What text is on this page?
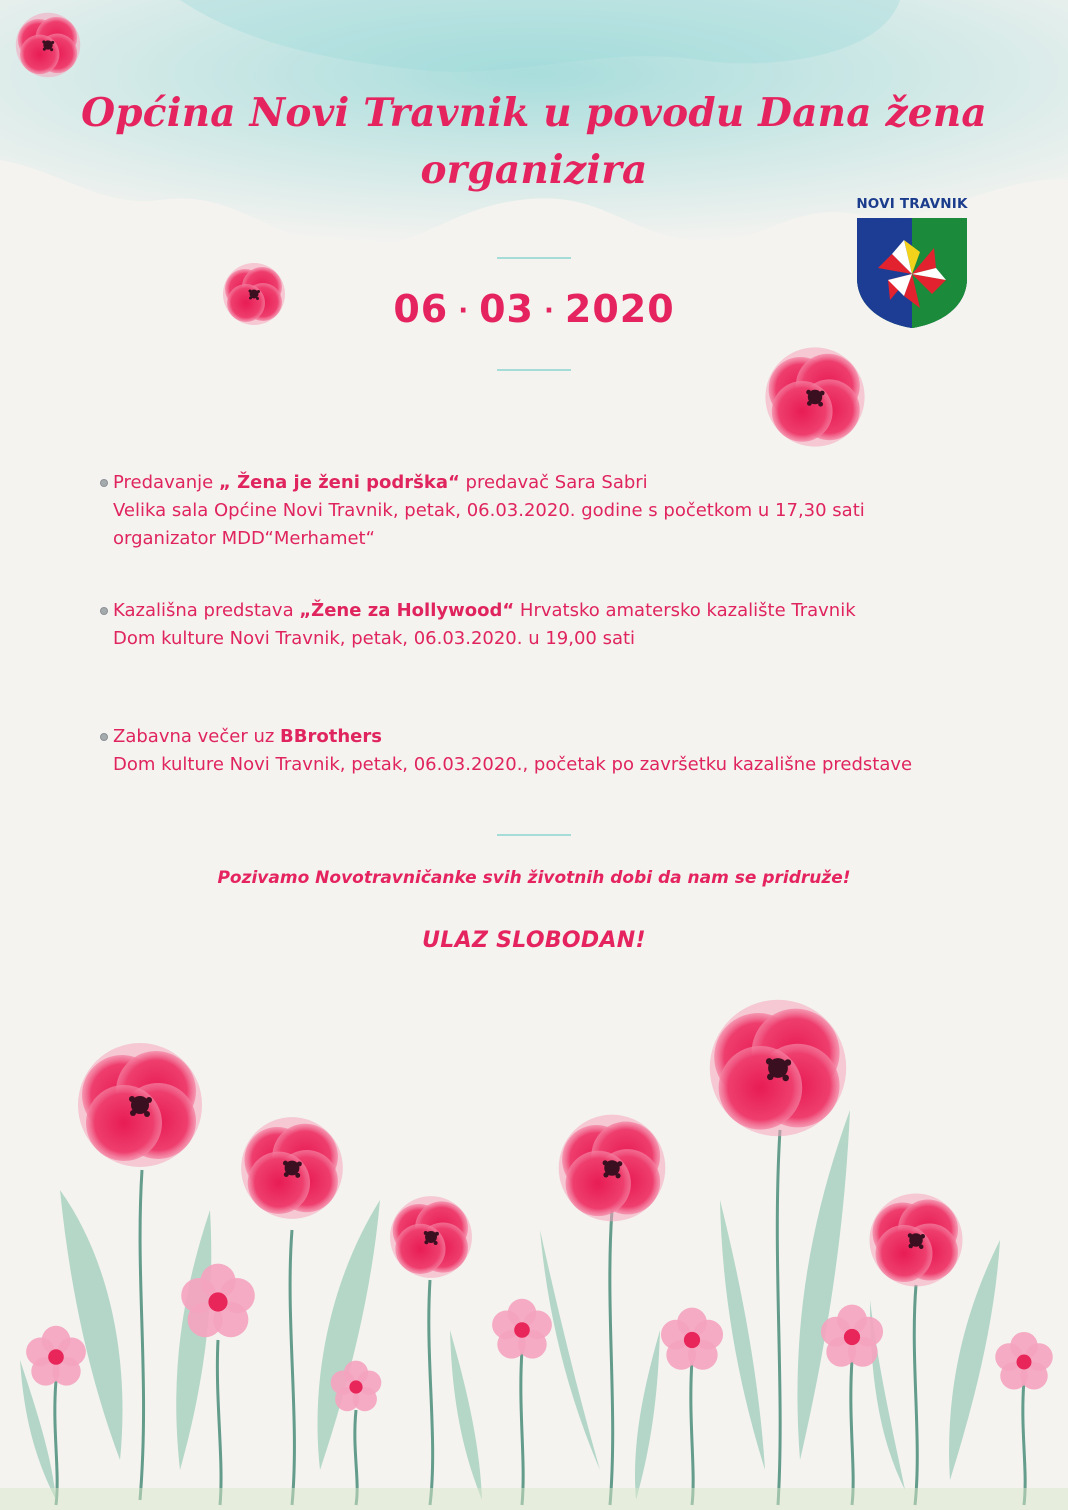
Općina Novi Travnik u povodu Dana žena
organizira
NOVI TRAVNIK
06 · 03 · 2020
Predavanje „ Žena je ženi podrška“ predavač Sara Sabri
Velika sala Općine Novi Travnik, petak, 06.03.2020. godine s početkom u 17,30 sati
organizator MDD“Merhamet“
Kazališna predstava „Žene za Hollywood“ Hrvatsko amatersko kazalište Travnik
Dom kulture Novi Travnik, petak, 06.03.2020. u 19,00 sati
Zabavna večer uz BBrothers
Dom kulture Novi Travnik, petak, 06.03.2020., početak po završetku kazališne predstave
Pozivamo Novotravničanke svih životnih dobi da nam se pridruže!
ULAZ SLOBODAN!
